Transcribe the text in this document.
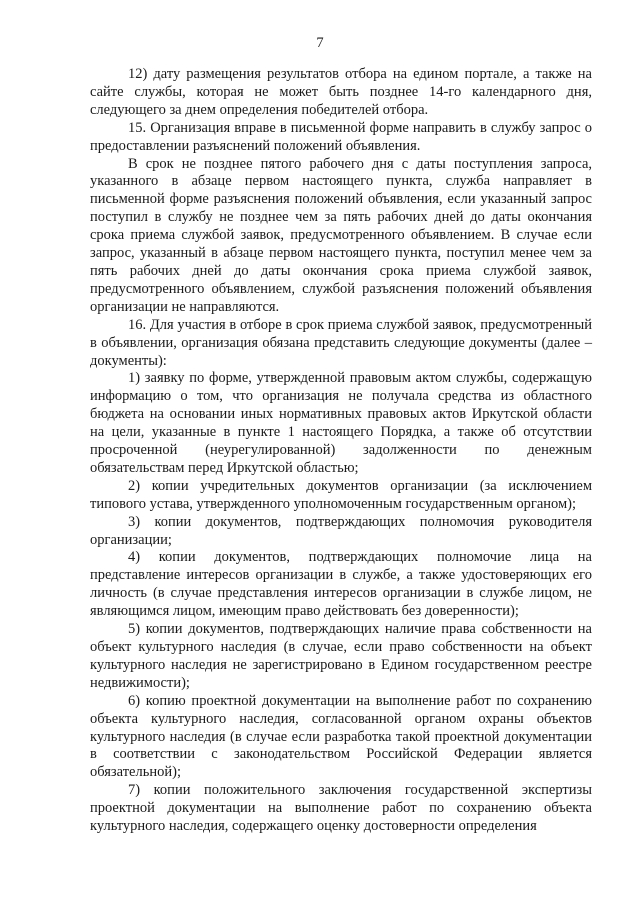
7

12) дату размещения результатов отбора на едином портале, а также на сайте службы, которая не может быть позднее 14-го календарного дня, следующего за днем определения победителей отбора.

15. Организация вправе в письменной форме направить в службу запрос о предоставлении разъяснений положений объявления.

В срок не позднее пятого рабочего дня с даты поступления запроса, указанного в абзаце первом настоящего пункта, служба направляет в письменной форме разъяснения положений объявления, если указанный запрос поступил в службу не позднее чем за пять рабочих дней до даты окончания срока приема службой заявок, предусмотренного объявлением. В случае если запрос, указанный в абзаце первом настоящего пункта, поступил менее чем за пять рабочих дней до даты окончания срока приема службой заявок, предусмотренного объявлением, службой разъяснения положений объявления организации не направляются.

16. Для участия в отборе в срок приема службой заявок, предусмотренный в объявлении, организация обязана представить следующие документы (далее – документы):

1) заявку по форме, утвержденной правовым актом службы, содержащую информацию о том, что организация не получала средства из областного бюджета на основании иных нормативных правовых актов Иркутской области на цели, указанные в пункте 1 настоящего Порядка, а также об отсутствии просроченной (неурегулированной) задолженности по денежным обязательствам перед Иркутской областью;

2) копии учредительных документов организации (за исключением типового устава, утвержденного уполномоченным государственным органом);

3) копии документов, подтверждающих полномочия руководителя организации;

4) копии документов, подтверждающих полномочие лица на представление интересов организации в службе, а также удостоверяющих его личность (в случае представления интересов организации в службе лицом, не являющимся лицом, имеющим право действовать без доверенности);

5) копии документов, подтверждающих наличие права собственности на объект культурного наследия (в случае, если право собственности на объект культурного наследия не зарегистрировано в Едином государственном реестре недвижимости);

6) копию проектной документации на выполнение работ по сохранению объекта культурного наследия, согласованной органом охраны объектов культурного наследия (в случае если разработка такой проектной документации в соответствии с законодательством Российской Федерации является обязательной);

7) копии положительного заключения государственной экспертизы проектной документации на выполнение работ по сохранению объекта культурного наследия, содержащего оценку достоверности определения
